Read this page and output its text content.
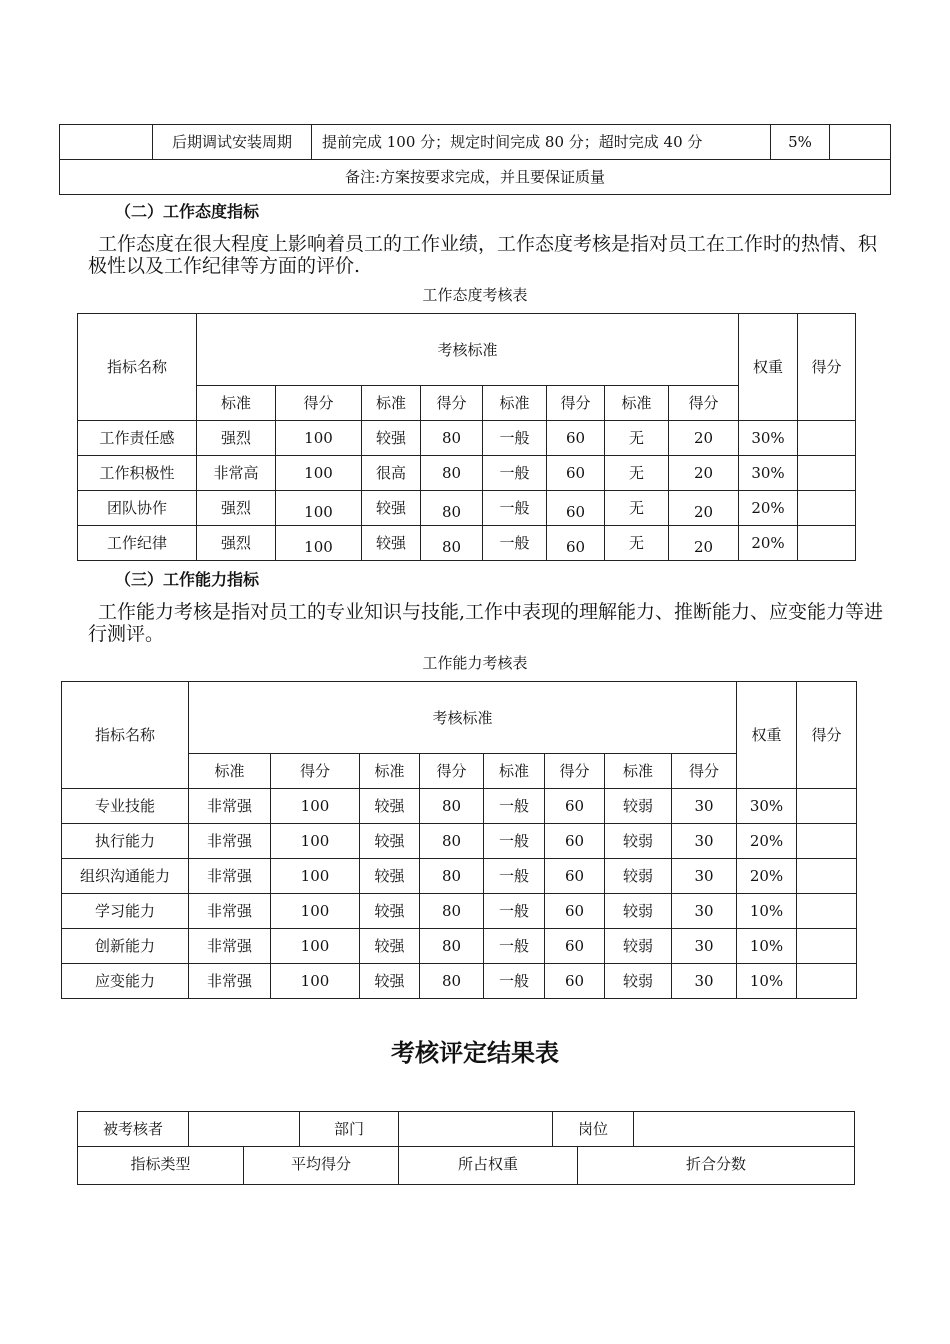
	后期调试安装周期	提前完成 100 分；规定时间完成 80 分；超时完成 40 分	5%	
备注:方案按要求完成，并且要保证质量
（二）工作态度指标
工作态度在很大程度上影响着员工的工作业绩，工作态度考核是指对员工在工作时的热情、积极性以及工作纪律等方面的评价.
工作态度考核表
指标名称	考核标准								权重	得分
	标准	得分	标准	得分	标准	得分	标准	得分		
工作责任感	强烈	100	较强	80	一般	60	无	20	30%	
工作积极性	非常高	100	很高	80	一般	60	无	20	30%	
团队协作	强烈	100	较强	80	一般	60	无	20	20%	
工作纪律	强烈	100	较强	80	一般	60	无	20	20%	
（三）工作能力指标
工作能力考核是指对员工的专业知识与技能,工作中表现的理解能力、推断能力、应变能力等进行测评。
工作能力考核表
指标名称	考核标准								权重	得分
	标准	得分	标准	得分	标准	得分	标准	得分		
专业技能	非常强	100	较强	80	一般	60	较弱	30	30%	
执行能力	非常强	100	较强	80	一般	60	较弱	30	20%	
组织沟通能力	非常强	100	较强	80	一般	60	较弱	30	20%	
学习能力	非常强	100	较强	80	一般	60	较弱	30	10%	
创新能力	非常强	100	较强	80	一般	60	较弱	30	10%	
应变能力	非常强	100	较强	80	一般	60	较弱	30	10%	
考核评定结果表
被考核者			部门		岗位		
指标类型		平均得分		所占权重		折合分数	
